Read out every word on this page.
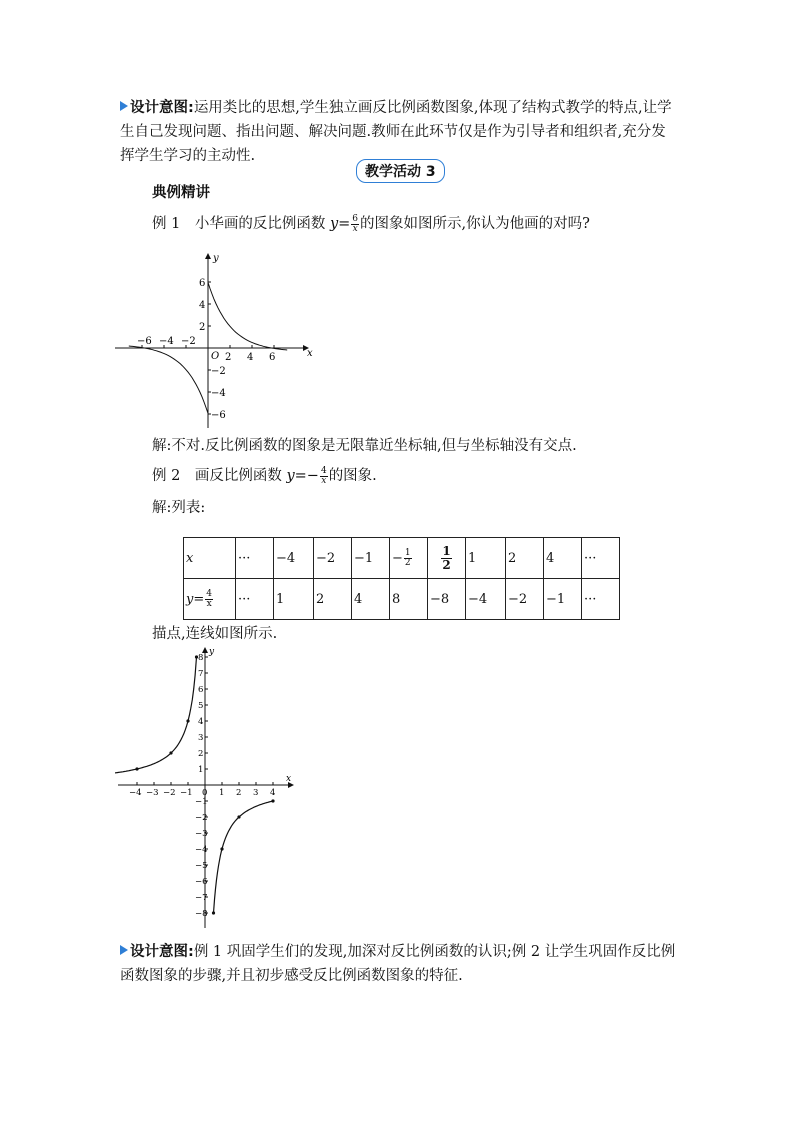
设计意图:运用类比的思想,学生独立画反比例函数图象,体现了结构式教学的特点,让学生自己发现问题、指出问题、解决问题.教师在此环节仅是作为引导者和组织者,充分发挥学生学习的主动性.

教学活动 3

典例精讲

例 1　小华画的反比例函数 $y= \frac{6}{x}$ 的图象如图所示,你认为他画的对吗?

x
y
O
−6 −4 −2
2 4 6
6
4
2
−2
−4
−6

解:不对.反比例函数的图象是无限靠近坐标轴,但与坐标轴没有交点.

例 2　画反比例函数 $y=- \frac{4}{x}$ 的图象.

解:列表:

x	···	−4	−2	−1	− $\frac{1}{2}$	$\frac{1}{2}$	1	2	4	···
$y= \frac{4}{x}$	···	1	2	4	8	−8	−4	−2	−1	···

描点,连线如图所示.

x
y
−4 −3 −2 −1 0 1 2 3 4
8
7
6
5
4
3
2
1
−1
−2
−3
−4
−5
−6
−7
−8

设计意图:例 1 巩固学生们的发现,加深对反比例函数的认识;例 2 让学生巩固作反比例函数图象的步骤,并且初步感受反比例函数图象的特征.
